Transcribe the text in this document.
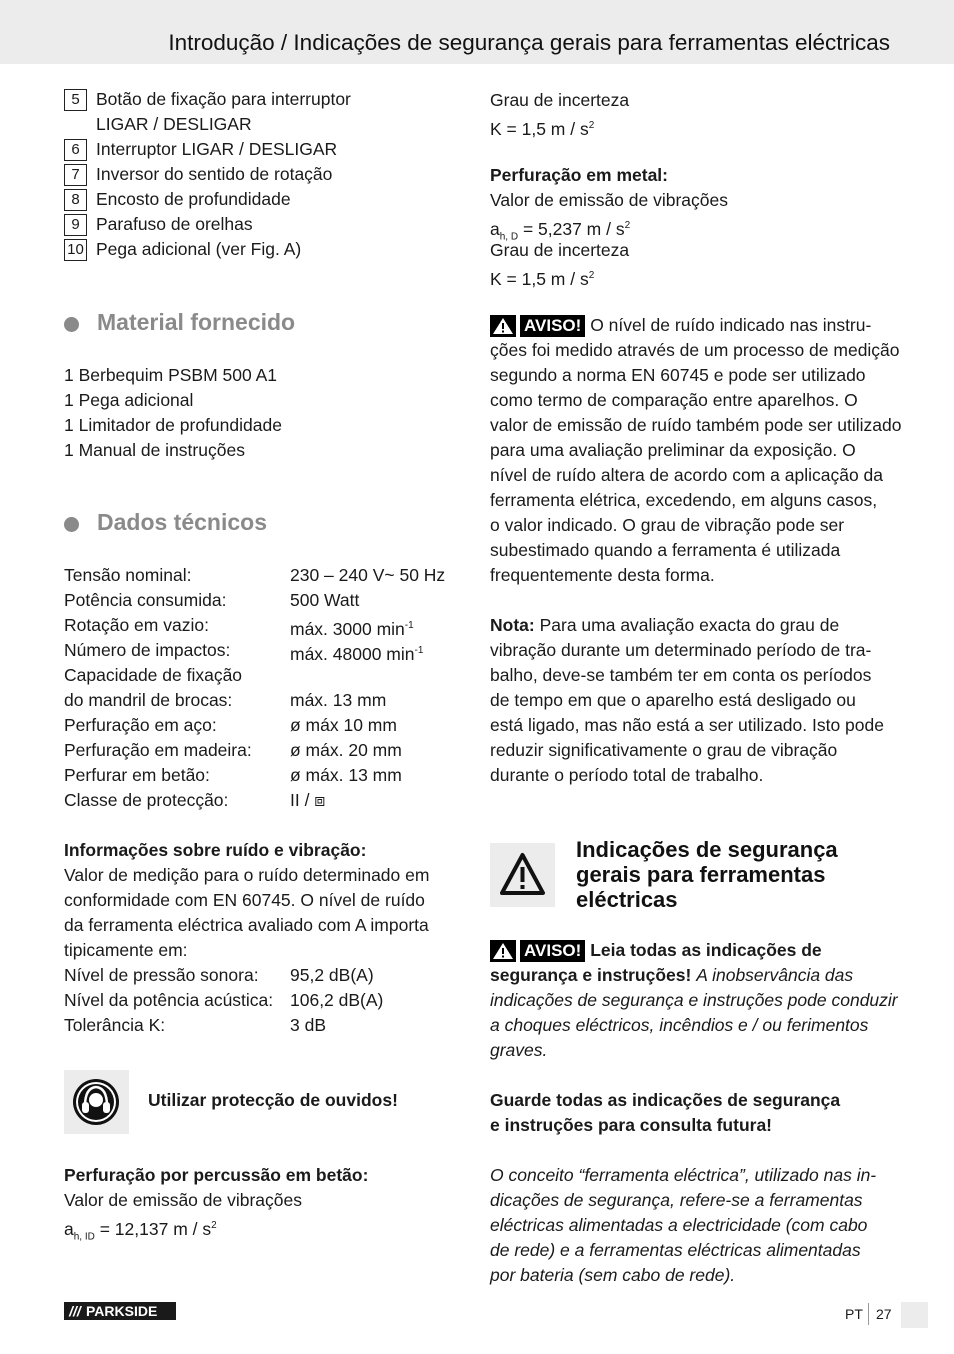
Introdução / Indicações de segurança gerais para ferramentas eléctricas
5 Botão de fixação para interruptor
LIGAR / DESLIGAR
6 Interruptor LIGAR / DESLIGAR
7 Inversor do sentido de rotação
8 Encosto de profundidade
9 Parafuso de orelhas
10 Pega adicional (ver Fig. A)
Material fornecido
1 Berbequim PSBM 500 A1
1 Pega adicional
1 Limitador de profundidade
1 Manual de instruções
Dados técnicos
Tensão nominal:	230 – 240 V~ 50 Hz
Potência consumida:	500 Watt
Rotação em vazio:	máx. 3000 $\min^{-1}$
Número de impactos:	máx. 48000 $\min^{-1}$
Capacidade de fixação
do mandril de brocas:	máx. 13 mm
Perfuração em aço:	ø máx 10 mm
Perfuração em madeira: ø máx. 20 mm
Perfurar em betão:	ø máx. 13 mm
Classe de protecção:	II / ⧈
Informações sobre ruído e vibração:
Valor de medição para o ruído determinado em
conformidade com EN 60745. O nível de ruído
da ferramenta eléctrica avaliado com A importa
tipicamente em:
Nível de pressão sonora: 95,2 dB(A)
Nível da potência acústica: 106,2 dB(A)
Tolerância K:	3 dB
Utilizar protecção de ouvidos!
Perfuração por percussão em betão:
Valor de emissão de vibrações
$a_{h, ID} = 12,137$ m / $s^2$
Grau de incerteza
K = 1,5 m / $s^2$
Perfuração em metal:
Valor de emissão de vibrações
$a_{h, D} = 5,237$ m / $s^2$
Grau de incerteza
K = 1,5 m / $s^2$
AVISO! O nível de ruído indicado nas instru-
ções foi medido através de um processo de medição
segundo a norma EN 60745 e pode ser utilizado
como termo de comparação entre aparelhos. O
valor de emissão de ruído também pode ser utilizado
para uma avaliação preliminar da exposição. O
nível de ruído altera de acordo com a aplicação da
ferramenta elétrica, excedendo, em alguns casos,
o valor indicado. O grau de vibração pode ser
subestimado quando a ferramenta é utilizada
frequentemente desta forma.
Nota: Para uma avaliação exacta do grau de
vibração durante um determinado período de tra-
balho, deve-se também ter em conta os períodos
de tempo em que o aparelho está desligado ou
está ligado, mas não está a ser utilizado. Isto pode
reduzir significativamente o grau de vibração
durante o período total de trabalho.
Indicações de segurança
gerais para ferramentas
eléctricas
AVISO! Leia todas as indicações de
segurança e instruções! A inobservância das
indicações de segurança e instruções pode conduzir
a choques eléctricos, incêndios e / ou ferimentos
graves.
Guarde todas as indicações de segurança
e instruções para consulta futura!
O conceito “ferramenta eléctrica”, utilizado nas in-
dicações de segurança, refere-se a ferramentas
eléctricas alimentadas a electricidade (com cabo
de rede) e a ferramentas eléctricas alimentadas
por bateria (sem cabo de rede).
/// PARKSIDE	PT 27
